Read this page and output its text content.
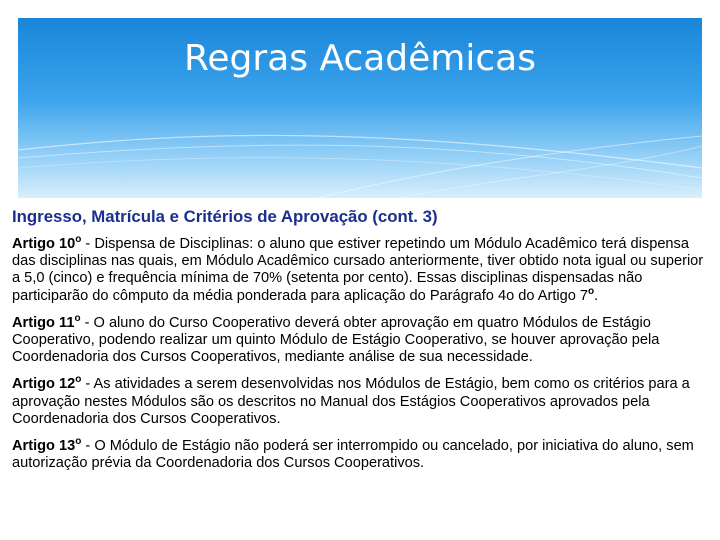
Regras Acadêmicas
Ingresso, Matrícula e Critérios de Aprovação (cont. 3)

Artigo 10$^o$ - Dispensa de Disciplinas: o aluno que estiver repetindo um Módulo Acadêmico terá dispensa das disciplinas nas quais, em Módulo Acadêmico cursado anteriormente, tiver obtido nota igual ou superior a 5,0 (cinco) e frequência mínima de 70% (setenta por cento). Essas disciplinas dispensadas não participarão do cômputo da média ponderada para aplicação do Parágrafo 4o do Artigo 7$^o$.

Artigo 11$^o$ - O aluno do Curso Cooperativo deverá obter aprovação em quatro Módulos de Estágio Cooperativo, podendo realizar um quinto Módulo de Estágio Cooperativo, se houver aprovação pela Coordenadoria dos Cursos Cooperativos, mediante análise de sua necessidade.

Artigo 12$^o$ - As atividades a serem desenvolvidas nos Módulos de Estágio, bem como os critérios para a aprovação nestes Módulos são os descritos no Manual dos Estágios Cooperativos aprovados pela Coordenadoria dos Cursos Cooperativos.

Artigo 13$^o$ - O Módulo de Estágio não poderá ser interrompido ou cancelado, por iniciativa do aluno, sem autorização prévia da Coordenadoria dos Cursos Cooperativos.
